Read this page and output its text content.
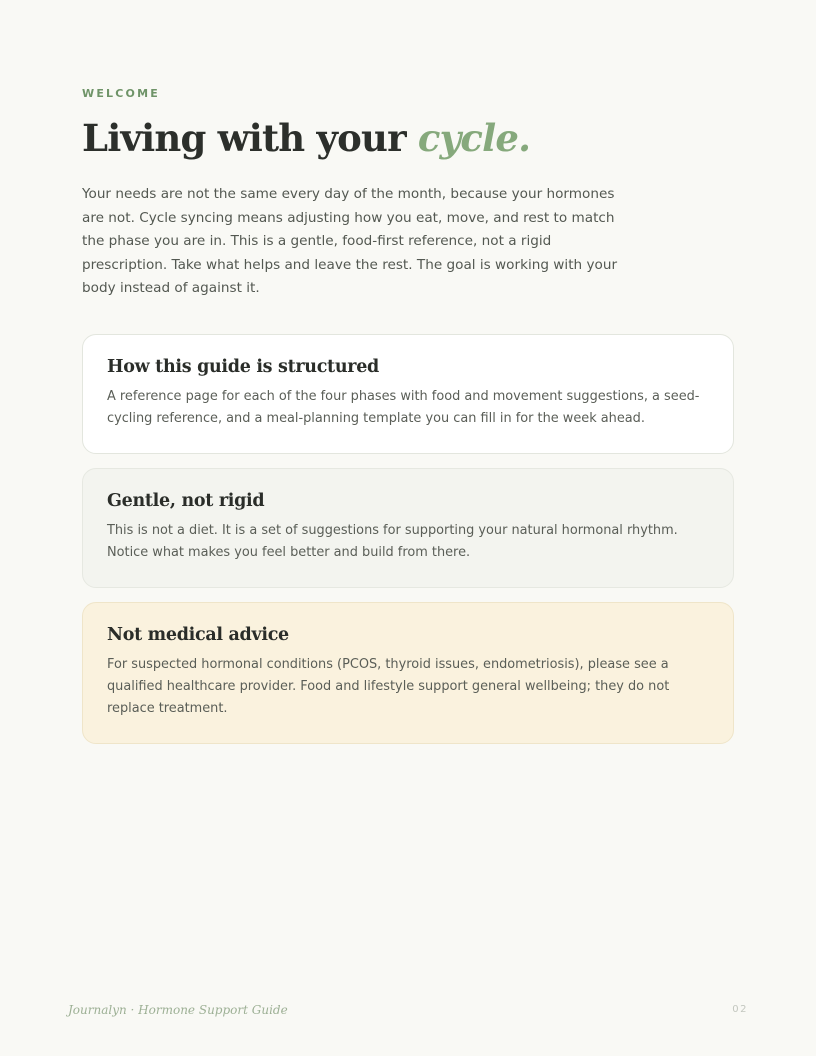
WELCOME
Living with your cycle.

Your needs are not the same every day of the month, because your hormones are not. Cycle syncing means adjusting how you eat, move, and rest to match the phase you are in. This is a gentle, food-first reference, not a rigid prescription. Take what helps and leave the rest. The goal is working with your body instead of against it.

How this guide is structured

A reference page for each of the four phases with food and movement suggestions, a seed-cycling reference, and a meal-planning template you can fill in for the week ahead.

Gentle, not rigid

This is not a diet. It is a set of suggestions for supporting your natural hormonal rhythm. Notice what makes you feel better and build from there.

Not medical advice

For suspected hormonal conditions (PCOS, thyroid issues, endometriosis), please see a qualified healthcare provider. Food and lifestyle support general wellbeing; they do not replace treatment.

Journalyn · Hormone Support Guide	02
